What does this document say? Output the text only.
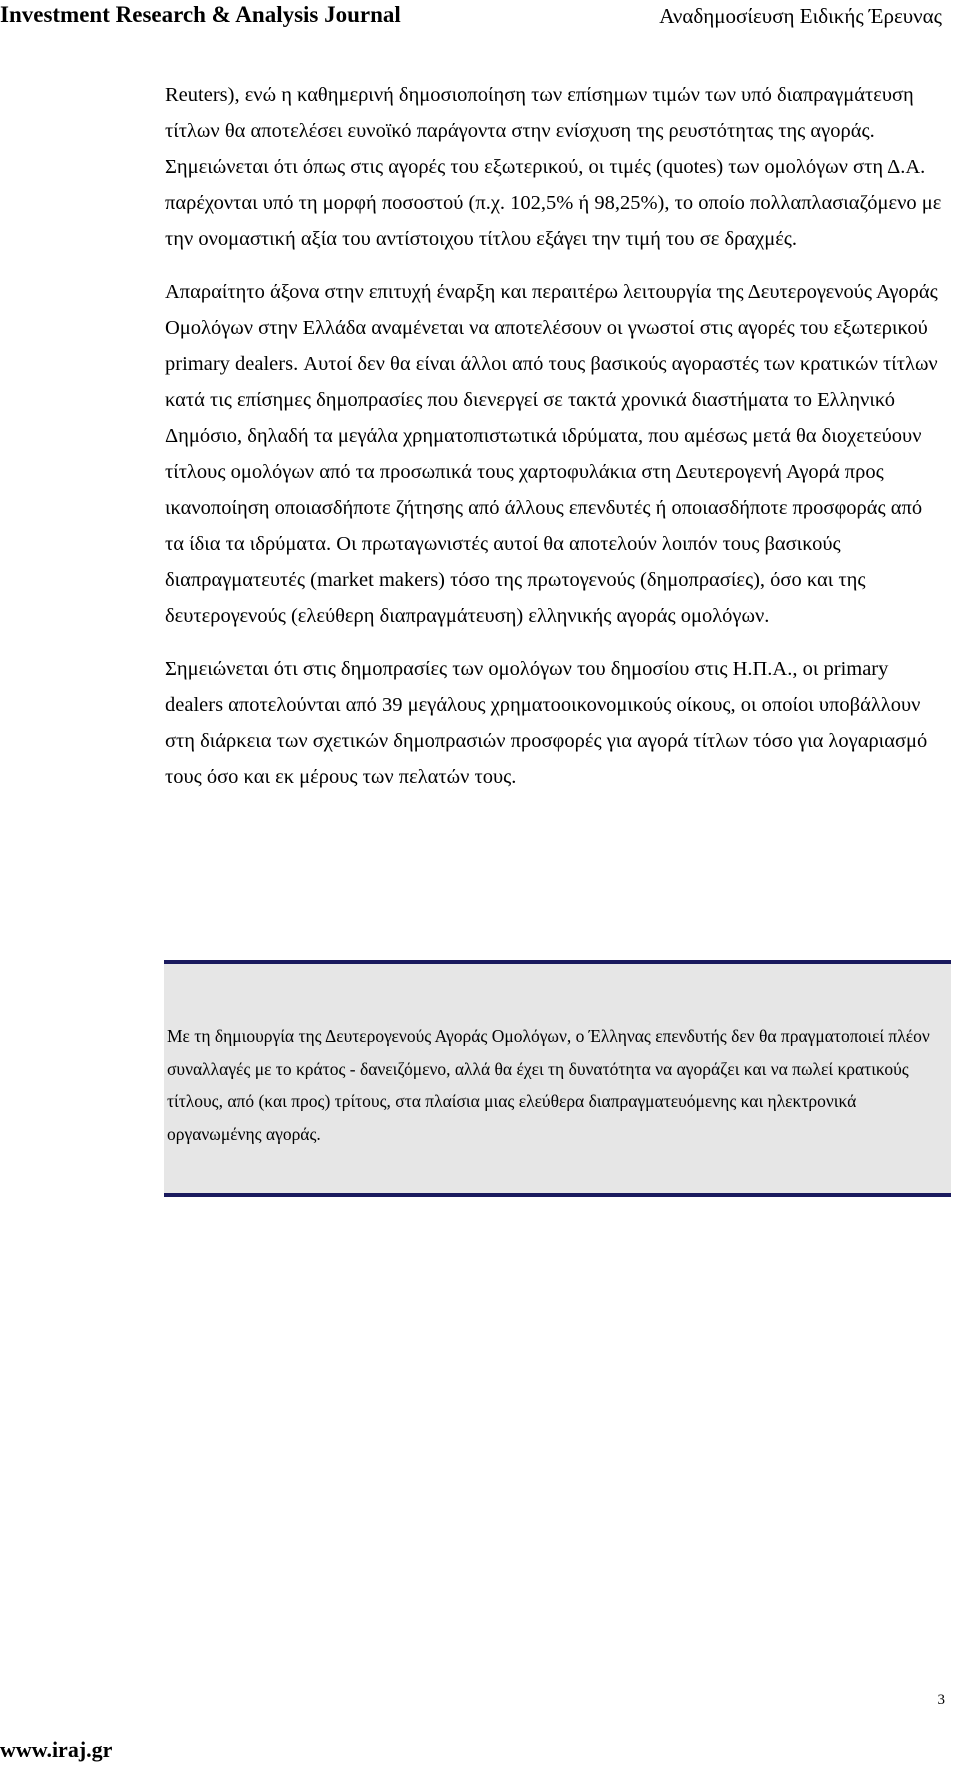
Investment Research & Analysis Journal	Αναδημοσίευση Ειδικής Έρευνας

Reuters), ενώ η καθημερινή δημοσιοποίηση των επίσημων τιμών των υπό διαπραγμάτευση τίτλων θα αποτελέσει ευνοϊκό παράγοντα στην ενίσχυση της ρευστότητας της αγοράς. Σημειώνεται ότι όπως στις αγορές του εξωτερικού, οι τιμές (quotes) των ομολόγων στη Δ.Α. παρέχονται υπό τη μορφή ποσοστού (π.χ. 102,5% ή 98,25%), το οποίο πολλαπλασιαζόμενο με την ονομαστική αξία του αντίστοιχου τίτλου εξάγει την τιμή του σε δραχμές.

Απαραίτητο άξονα στην επιτυχή έναρξη και περαιτέρω λειτουργία της Δευτερογενούς Αγοράς Ομολόγων στην Ελλάδα αναμένεται να αποτελέσουν οι γνωστοί στις αγορές του εξωτερικού primary dealers. Αυτοί δεν θα είναι άλλοι από τους βασικούς αγοραστές των κρατικών τίτλων κατά τις επίσημες δημοπρασίες που διενεργεί σε τακτά χρονικά διαστήματα το Ελληνικό Δημόσιο, δηλαδή τα μεγάλα χρηματοπιστωτικά ιδρύματα, που αμέσως μετά θα διοχετεύουν τίτλους ομολόγων από τα προσωπικά τους χαρτοφυλάκια στη Δευτερογενή Αγορά προς ικανοποίηση οποιασδήποτε ζήτησης από άλλους επενδυτές ή οποιασδήποτε προσφοράς από τα ίδια τα ιδρύματα. Οι πρωταγωνιστές αυτοί θα αποτελούν λοιπόν τους βασικούς διαπραγματευτές (market makers) τόσο της πρωτογενούς (δημοπρασίες), όσο και της δευτερογενούς (ελεύθερη διαπραγμάτευση) ελληνικής αγοράς ομολόγων.

Σημειώνεται ότι στις δημοπρασίες των ομολόγων του δημοσίου στις Η.Π.Α., οι primary dealers αποτελούνται από 39 μεγάλους χρηματοοικονομικούς οίκους, οι οποίοι υποβάλλουν στη διάρκεια των σχετικών δημοπρασιών προσφορές για αγορά τίτλων τόσο για λογαριασμό τους όσο και εκ μέρους των πελατών τους.

Με τη δημιουργία της Δευτερογενούς Αγοράς Ομολόγων, ο Έλληνας επενδυτής δεν θα πραγματοποιεί πλέον συναλλαγές με το κράτος - δανειζόμενο, αλλά θα έχει τη δυνατότητα να αγοράζει και να πωλεί κρατικούς τίτλους, από (και προς) τρίτους, στα πλαίσια μιας ελεύθερα διαπραγματευόμενης και ηλεκτρονικά οργανωμένης αγοράς.

3
www.iraj.gr
